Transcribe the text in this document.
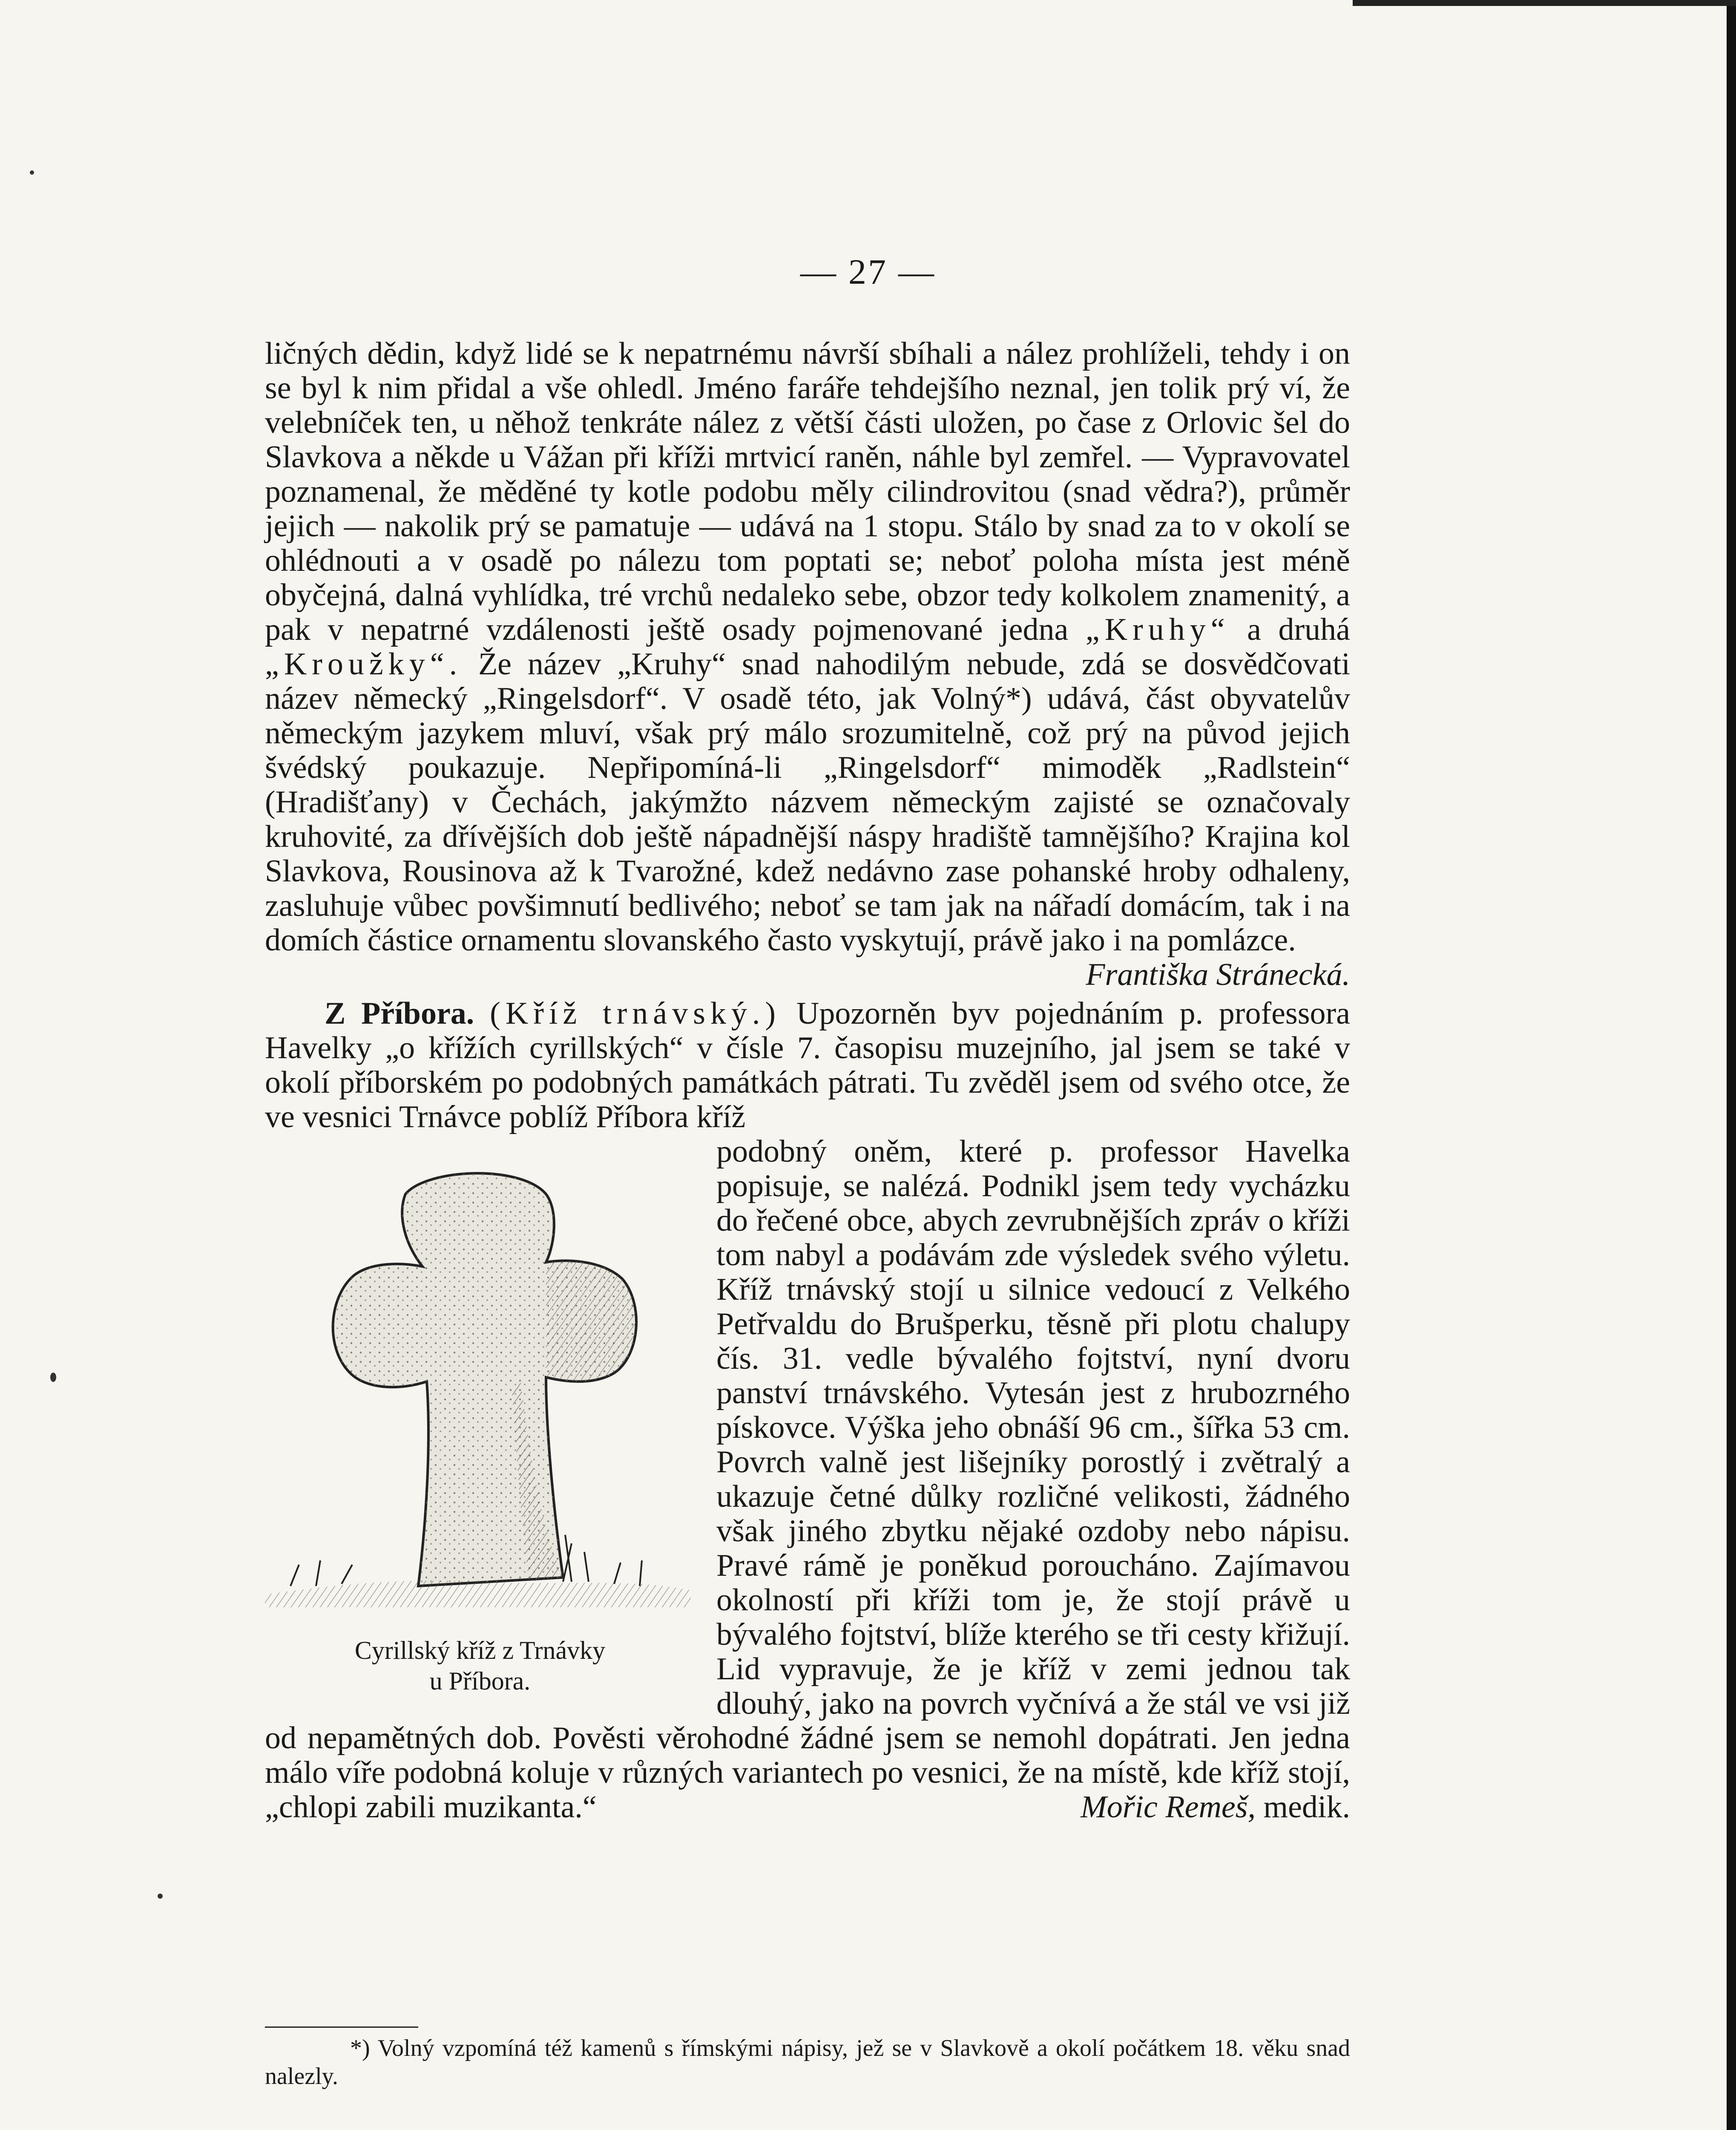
— 27 —

ličných dědin, když lidé se k nepatrnému návrší sbíhali a nález prohlíželi, tehdy i on se byl k nim přidal a vše ohledl. Jméno faráře tehdejšího neznal, jen tolik prý ví, že velebníček ten, u něhož tenkráte nález z větší části uložen, po čase z Orlovic šel do Slavkova a někde u Vážan při kříži mrtvicí raněn, náhle byl zemřel. — Vypravovatel poznamenal, že měděné ty kotle podobu měly cilindrovitou (snad vědra?), průměr jejich — nakolik prý se pamatuje — udává na 1 stopu. Stálo by snad za to v okolí se ohlédnouti a v osadě po nálezu tom poptati se; neboť poloha místa jest méně obyčejná, dalná vyhlídka, tré vrchů nedaleko sebe, obzor tedy kolkolem znamenitý, a pak v nepatrné vzdálenosti ještě osady pojmenované jedna „Kruhy“ a druhá „Kroužky“. Že název „Kruhy“ snad nahodilým nebude, zdá se dosvědčovati název německý „Ringelsdorf“. V osadě této, jak Volný*) udává, část obyvatelův německým jazykem mluví, však prý málo srozumitelně, což prý na původ jejich švédský poukazuje. Nepřipomíná-li „Ringelsdorf“ mimoděk „Radlstein“ (Hradišťany) v Čechách, jakýmžto názvem německým zajisté se označovaly kruhovité, za dřívějších dob ještě nápadnější náspy hradiště tamnějšího? Krajina kol Slavkova, Rousinova až k Tvarožné, kdež nedávno zase pohanské hroby odhaleny, zasluhuje vůbec povšimnutí bedlivého; neboť se tam jak na nářadí domácím, tak i na domích částice ornamentu slovanského často vyskytují, právě jako i na pomlázce.

Františka Stránecká.

Z Příbora. (Kříž trnávský.) Upozorněn byv pojednáním p. professora Havelky „o křížích cyrillských“ v čísle 7. časopisu muzejního, jal jsem se také v okolí příborském po podobných památkách pátrati. Tu zvěděl jsem od svého otce, že ve vesnici Trnávce poblíž Příbora kříž

Cyrillský kříž z Trnávky
u Příbora.

podobný oněm, které p. professor Havelka popisuje, se nalézá. Podnikl jsem tedy vycházku do řečené obce, abych zevrubnějších zpráv o kříži tom nabyl a podávám zde výsledek svého výletu. Kříž trnávský stojí u silnice vedoucí z Velkého Petřvaldu do Brušperku, těsně při plotu chalupy čís. 31. vedle bývalého fojtství, nyní dvoru panství trnávského. Vytesán jest z hrubozrného pískovce. Výška jeho obnáší 96 cm., šířka 53 cm. Povrch valně jest lišejníky porostlý i zvětralý a ukazuje četné důlky rozličné velikosti, žádného však jiného zbytku nějaké ozdoby nebo nápisu. Pravé rámě je poněkud poroucháno. Zajímavou okolností při kříži tom je, že stojí právě u bývalého fojtství, blíže kterého se tři cesty křižují. Lid vypravuje, že je kříž v zemi jednou tak dlouhý, jako na povrch vyčnívá a že stál ve vsi již od nepamětných dob. Pověsti věrohodné žádné jsem se nemohl dopátrati. Jen jedna málo víře podobná koluje v různých variantech po vesnici, že na místě, kde kříž stojí, „chlopi zabili muzikanta.“	Mořic Remeš, medik.

*) Volný vzpomíná též kamenů s římskými nápisy, jež se v Slavkově a okolí počátkem 18. věku snad nalezly.
